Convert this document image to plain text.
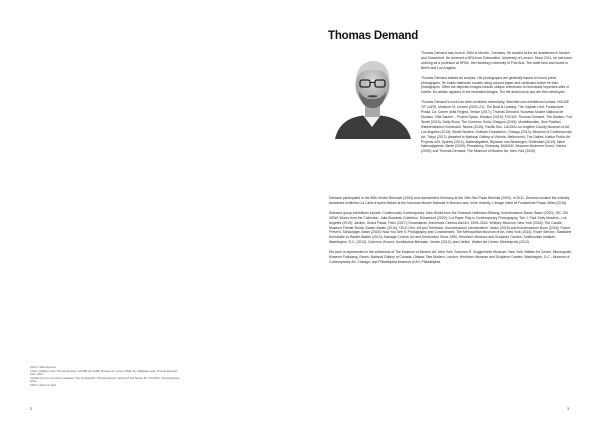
Photo © Dirk Hoyoens

Cover: exhibition view: Thomas Demand, HOUSE OF CARD, Museum M, Leuven (2020–21). Wallpaper work: Thomas Demand, Fees, 2016,

Lambda print on non-woven wallpaper. Two photographs: Thomas Demand, Sphere III and Sphere IIII, both 2010, framed pigment prints,

190.5 x 129.4 cm each.

2
Thomas Demand

Thomas Demand was born in 1964 in Munich, Germany. He studied at the art academies in Munich and Düsseldorf. He received a MFA from Goldsmiths, University of London. Since 2011, he has been working as a professor at HFBK, the Hamburg University of Fine Arts. The artist lives and works in Berlin and Los Angeles.

Thomas Demand trained as sculptor. His photographs are generally based on found press photographs. He builds elaborate models using colored paper and cardboard which he then photographs. Often the depicted images include oblique references to historically important sites or events. No artistic appears in the recreated images. The life-sized mock-ups are then destroyed.

Thomas Demand’s work has been exhibited extensively. Selected solo exhibitions include: HOUSE OF CARD, Museum M, Leuven (2020–21); The Boat is Leaking. The Captain Lied, Fondazione Prada, Ca’ Corner della Regina, Venice (2017); Thomas Demand, Nouveau Musée National de Monaco, Villa Sauber – Project Space, Monaco (2016); FOCUS: Thomas Demand, The Modern, Fort Worth (2016); Daily Show, The Common Guild, Glasgow (2015); Modellstudien, Sies Pavilion, Raketenstation Hombroich, Neuss (2015); Pacific Sun, LACMA Los Angeles County Museum of Art, Los Angeles (2015); Model Studies, Graham Foundation, Chicago (2013); Museum of Contemporary Art, Tokyo (2012) (traveled to National Gallery of Victoria, Melbourne); The Dailies, Kaldor Public Art Projects #25, Sydney (2012); Nationalgalerie, Bijnsone van Beuningen, Rotterdam (2010); Neue Nationalgalerie, Berlin (2009); Presidency, Embassy, MUMOK, Museum Moderner Kunst, Vienna (2009); and Thomas Demand, The Museum of Modern Art, New York (2005).

Demand participated in the 50th Venice Biennale (2003) and represented Germany at the 26th São Paulo Biennial (2004). In 2011, Demand curated the critically acclaimed exhibition La Carte d’après Nature at the Nouveau Musée National in Monaco and, more recently, L’image volée at Fondazione Prada, Milan (2016).

Selected group exhibitions include: Continuously Contemporary. New Works from the Emanuel-Hoffmann-Stiftung, Kunstmuseum Basel, Basel (2020); JSC ON VIEW: Works from the Collection, Julia Stoschek Collection, Düsseldorf (2020); Cut Paper Play in Contemporary Photography, The J. Paul Getty Museum, Los Angeles (2019); Jardins, Grand Palais, Paris (2017); Dreamlands: Immersive Cinema and Art, 1905–2016, Whitney Museum, New York (2016); The Candle, Museum Frieder Burda, Baden-Baden (2016); TELE-Gen. Art and Television, Kunstmuseum Liechtenstein, Vaduz (2015) and Kunstmuseum Bonn (2016); Future Present, Schaulager, Basel (2015); Now You See It. Photography and Concealment, The Metropolitan Museum of Art, New York (2014); Room Service, Staatliche Kunsthalle zu Baden-Baden (2014); Damage Control: Art and Destruction Since 1950, Hirshhorn Museum and Sculpture Garden, Smithsonian Institute, Washington, D.C. (2013); Common Ground, Architecture Biennale, Venice (2012); and Lifelike, Walker Art Center, Minneapolis (2012).

His work is represented in the collections of The Museum of Modern Art, New York; Solomon R. Guggenheim Museum, New York; Walker Art Center, Minneapolis; Museum Folkwang, Essen; National Gallery of Canada, Ottawa; Tate Modern, London; Hirshhorn Museum and Sculpture Garden, Washington, D.C.; Museum of Contemporary Art, Chicago; and Philadelphia Museum of Art, Philadelphia.

3
